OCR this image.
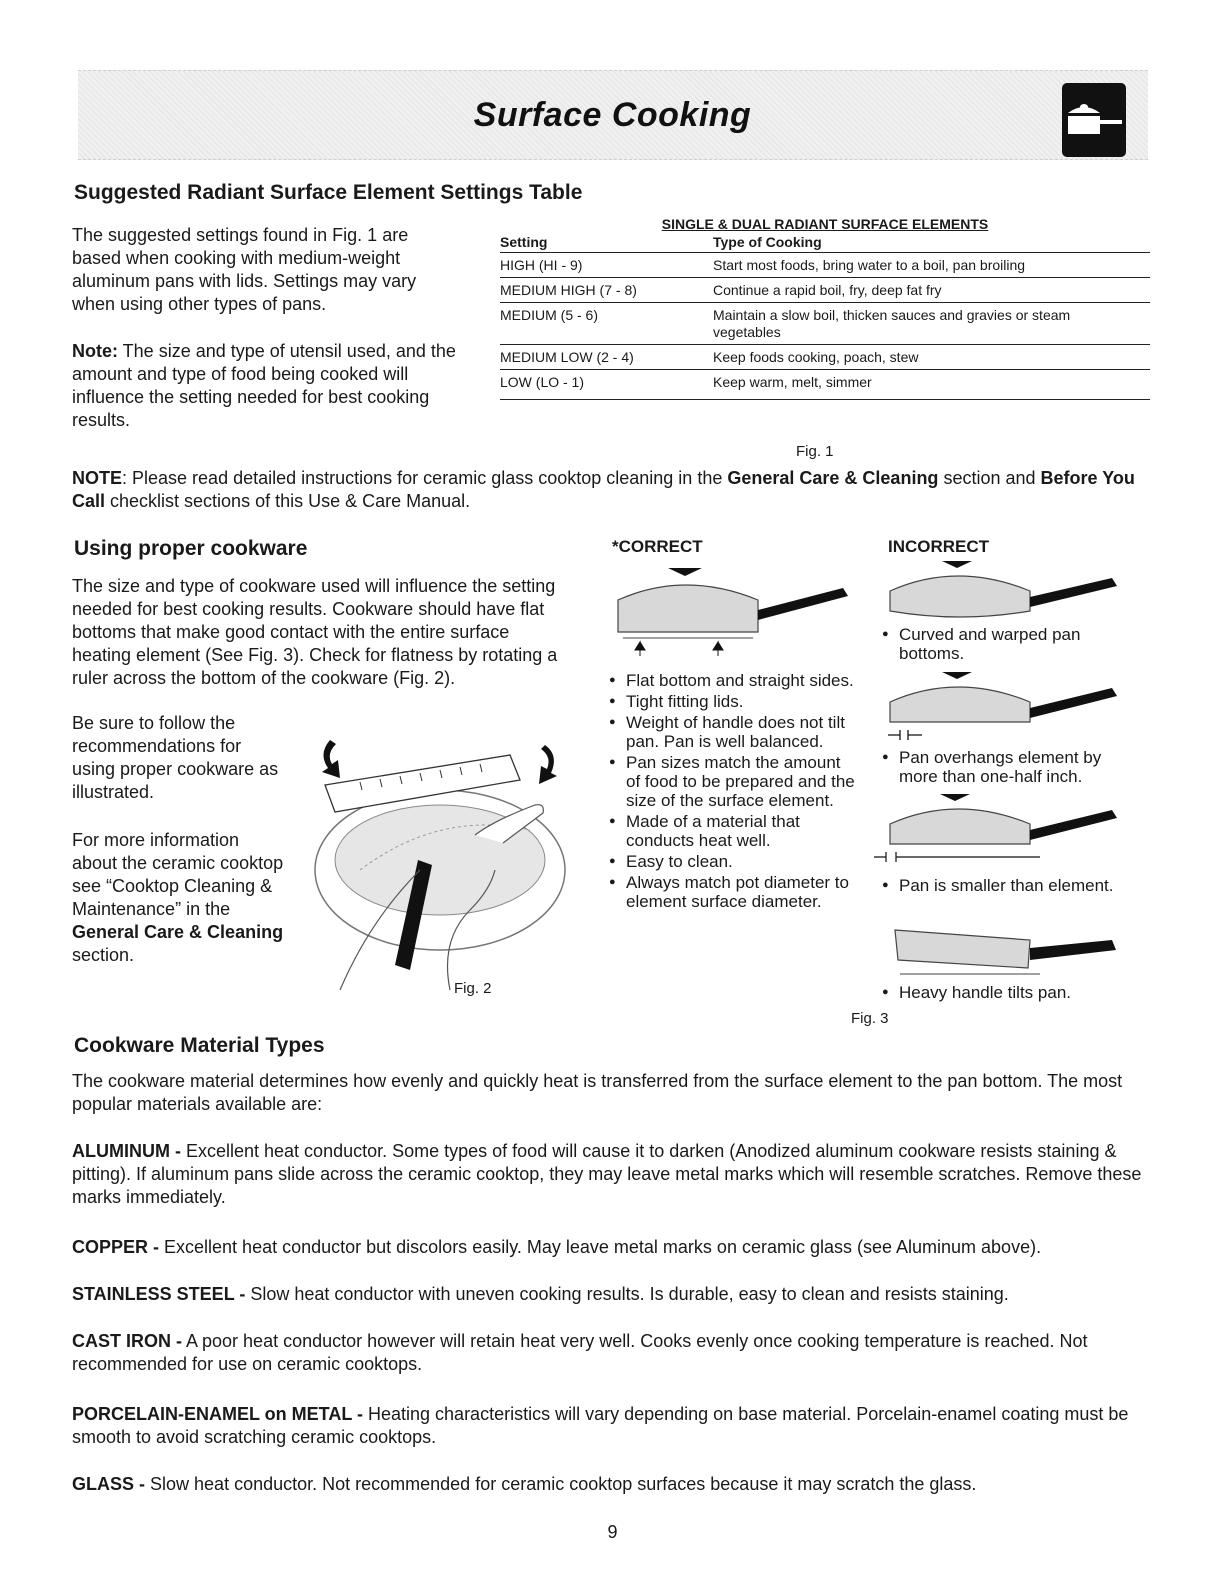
Surface Cooking
Suggested Radiant Surface Element Settings Table

The suggested settings found in Fig. 1 are based when cooking with medium-weight aluminum pans with lids. Settings may vary when using other types of pans.

Note: The size and type of utensil used, and the amount and type of food being cooked will influence the setting needed for best cooking results.

SINGLE & DUAL RADIANT SURFACE ELEMENTS
Setting	Type of Cooking
HIGH (HI - 9)	Start most foods, bring water to a boil, pan broiling
MEDIUM HIGH (7 - 8)	Continue a rapid boil, fry, deep fat fry
MEDIUM (5 - 6)	Maintain a slow boil, thicken sauces and gravies or steam vegetables
MEDIUM LOW (2 - 4)	Keep foods cooking, poach, stew
LOW (LO - 1)	Keep warm, melt, simmer
Fig. 1

NOTE: Please read detailed instructions for ceramic glass cooktop cleaning in the General Care & Cleaning section and Before You Call checklist sections of this Use & Care Manual.

Using proper cookware

The size and type of cookware used will influence the setting needed for best cooking results. Cookware should have flat bottoms that make good contact with the entire surface heating element (See Fig. 3). Check for flatness by rotating a ruler across the bottom of the cookware (Fig. 2).

Be sure to follow the recommendations for using proper cookware as illustrated.

For more information about the ceramic cooktop see “Cooktop Cleaning & Maintenance” in the General Care & Cleaning section.

Fig. 2
*CORRECT
● Flat bottom and straight sides.
● Tight fitting lids.
● Weight of handle does not tilt pan. Pan is well balanced.
● Pan sizes match the amount of food to be prepared and the size of the surface element.
● Made of a material that conducts heat well.
● Easy to clean.
● Always match pot diameter to element surface diameter.
INCORRECT
● Curved and warped pan bottoms.
● Pan overhangs element by more than one-half inch.
● Pan is smaller than element.
● Heavy handle tilts pan.
Fig. 3
Cookware Material Types

The cookware material determines how evenly and quickly heat is transferred from the surface element to the pan bottom. The most popular materials available are:

ALUMINUM - Excellent heat conductor. Some types of food will cause it to darken (Anodized aluminum cookware resists staining & pitting). If aluminum pans slide across the ceramic cooktop, they may leave metal marks which will resemble scratches. Remove these marks immediately.

COPPER - Excellent heat conductor but discolors easily. May leave metal marks on ceramic glass (see Aluminum above).

STAINLESS STEEL - Slow heat conductor with uneven cooking results. Is durable, easy to clean and resists staining.

CAST IRON - A poor heat conductor however will retain heat very well. Cooks evenly once cooking temperature is reached. Not recommended for use on ceramic cooktops.

PORCELAIN-ENAMEL on METAL - Heating characteristics will vary depending on base material. Porcelain-enamel coating must be smooth to avoid scratching ceramic cooktops.

GLASS - Slow heat conductor. Not recommended for ceramic cooktop surfaces because it may scratch the glass.

9
